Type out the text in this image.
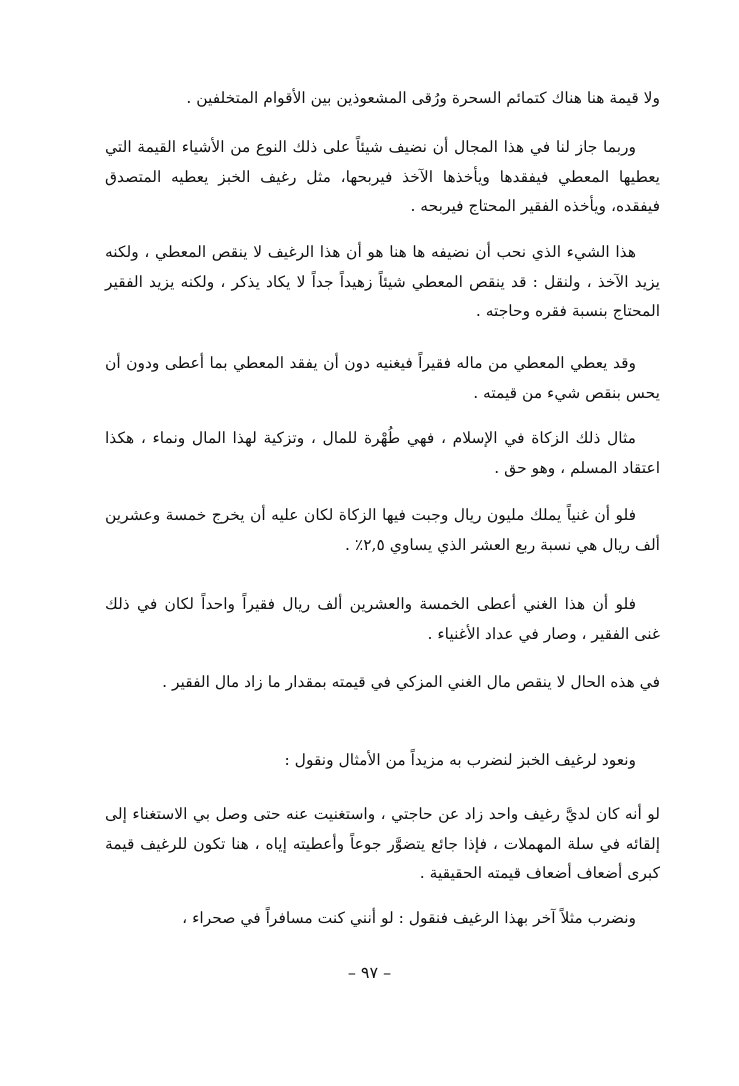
ولا قيمة هنا هناك كتمائم السحرة ورُقى المشعوذين بين الأقوام المتخلفين .

وربما جاز لنا في هذا المجال أن نضيف شيئاً على ذلك النوع من الأشياء القيمة التي يعطيها المعطي فيفقدها ويأخذها الآخذ فيربحها، مثل رغيف الخبز يعطيه المتصدق فيفقده، ويأخذه الفقير المحتاج فيربحه .

هذا الشيء الذي نحب أن نضيفه ها هنا هو أن هذا الرغيف لا ينقص المعطي ، ولكنه يزيد الآخذ ، ولنقل : قد ينقص المعطي شيئاً زهيداً جداً لا يكاد يذكر ، ولكنه يزيد الفقير المحتاج بنسبة فقره وحاجته .

وقد يعطي المعطي من ماله فقيراً فيغنيه دون أن يفقد المعطي بما أعطى ودون أن يحس بنقص شيء من قيمته .

مثال ذلك الزكاة في الإسلام ، فهي طُهْرة للمال ، وتزكية لهذا المال ونماء ، هكذا اعتقاد المسلم ، وهو حق .

فلو أن غنياً يملك مليون ريال وجبت فيها الزكاة لكان عليه أن يخرج خمسة وعشرين ألف ريال هي نسبة ربع العشر الذي يساوي ٢,٥٪ .

فلو أن هذا الغني أعطى الخمسة والعشرين ألف ريال فقيراً واحداً لكان في ذلك غنى الفقير ، وصار في عداد الأغنياء .

في هذه الحال لا ينقص مال الغني المزكي في قيمته بمقدار ما زاد مال الفقير .

ونعود لرغيف الخبز لنضرب به مزيداً من الأمثال ونقول :

لو أنه كان لديَّ رغيف واحد زاد عن حاجتي ، واستغنيت عنه حتى وصل بي الاستغناء إلى إلقائه في سلة المهملات ، فإذا جائع يتضوَّر جوعاً وأعطيته إياه ، هنا تكون للرغيف قيمة كبرى أضعاف أضعاف قيمته الحقيقية .

ونضرب مثلاً آخر بهذا الرغيف فنقول : لو أنني كنت مسافراً في صحراء ،

– ٩٧ –
